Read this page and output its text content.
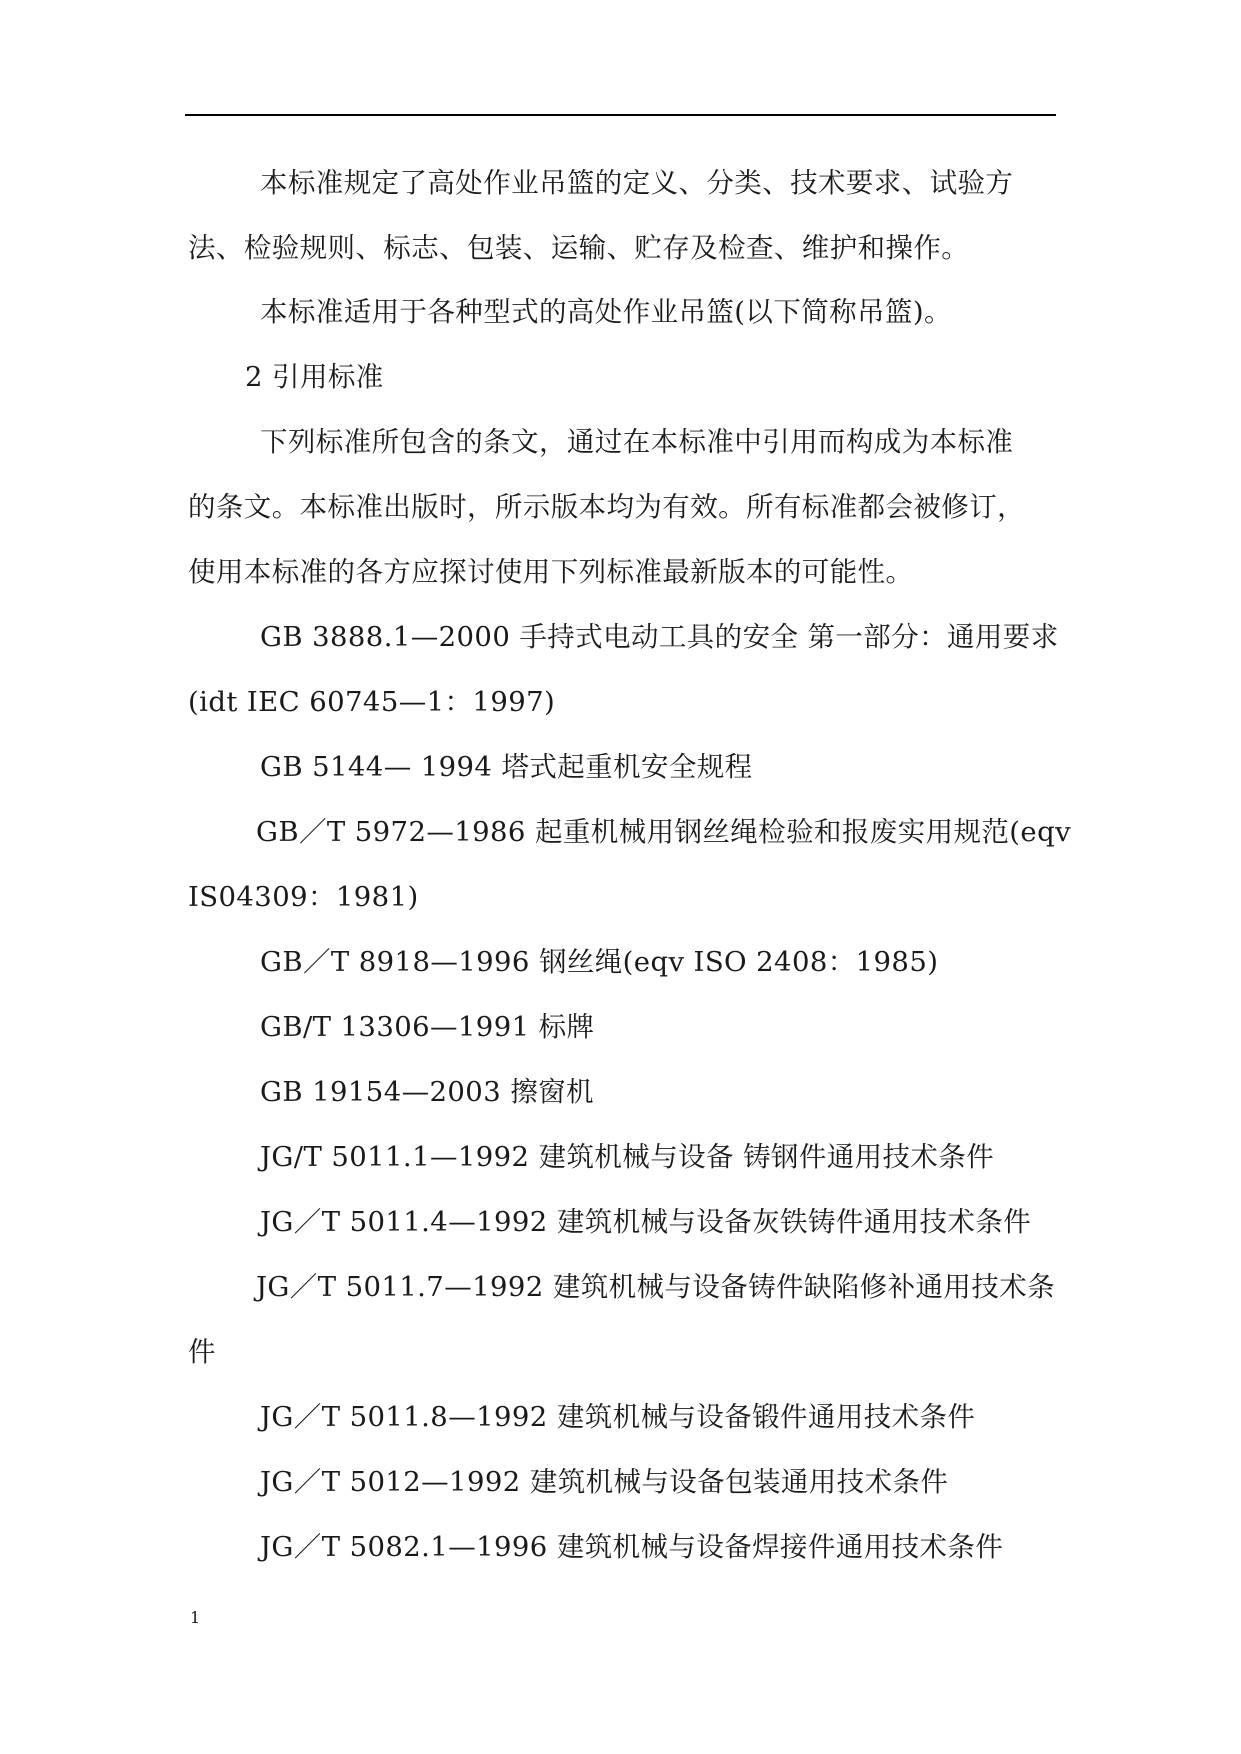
本标准规定了高处作业吊篮的定义、分类、技术要求、试验方
法、检验规则、标志、包装、运输、贮存及检查、维护和操作。
本标准适用于各种型式的高处作业吊篮(以下简称吊篮)。
2 引用标准
下列标准所包含的条文，通过在本标准中引用而构成为本标准
的条文。本标准出版时，所示版本均为有效。所有标准都会被修订，
使用本标准的各方应探讨使用下列标准最新版本的可能性。
GB 3888.1—2000 手持式电动工具的安全 第一部分：通用要求
(idt IEC 60745—1：1997)
GB 5144— 1994 塔式起重机安全规程
GB／T 5972—1986 起重机械用钢丝绳检验和报废实用规范(eqv
IS04309：1981)
GB／T 8918—1996 钢丝绳(eqv ISO 2408：1985)
GB/T 13306—1991 标牌
GB 19154—2003 擦窗机
JG/T 5011.1—1992 建筑机械与设备 铸钢件通用技术条件
JG／T 5011.4—1992 建筑机械与设备灰铁铸件通用技术条件
JG／T 5011.7—1992 建筑机械与设备铸件缺陷修补通用技术条
件
JG／T 5011.8—1992 建筑机械与设备锻件通用技术条件
JG／T 5012—1992 建筑机械与设备包装通用技术条件
JG／T 5082.1—1996 建筑机械与设备焊接件通用技术条件
1
